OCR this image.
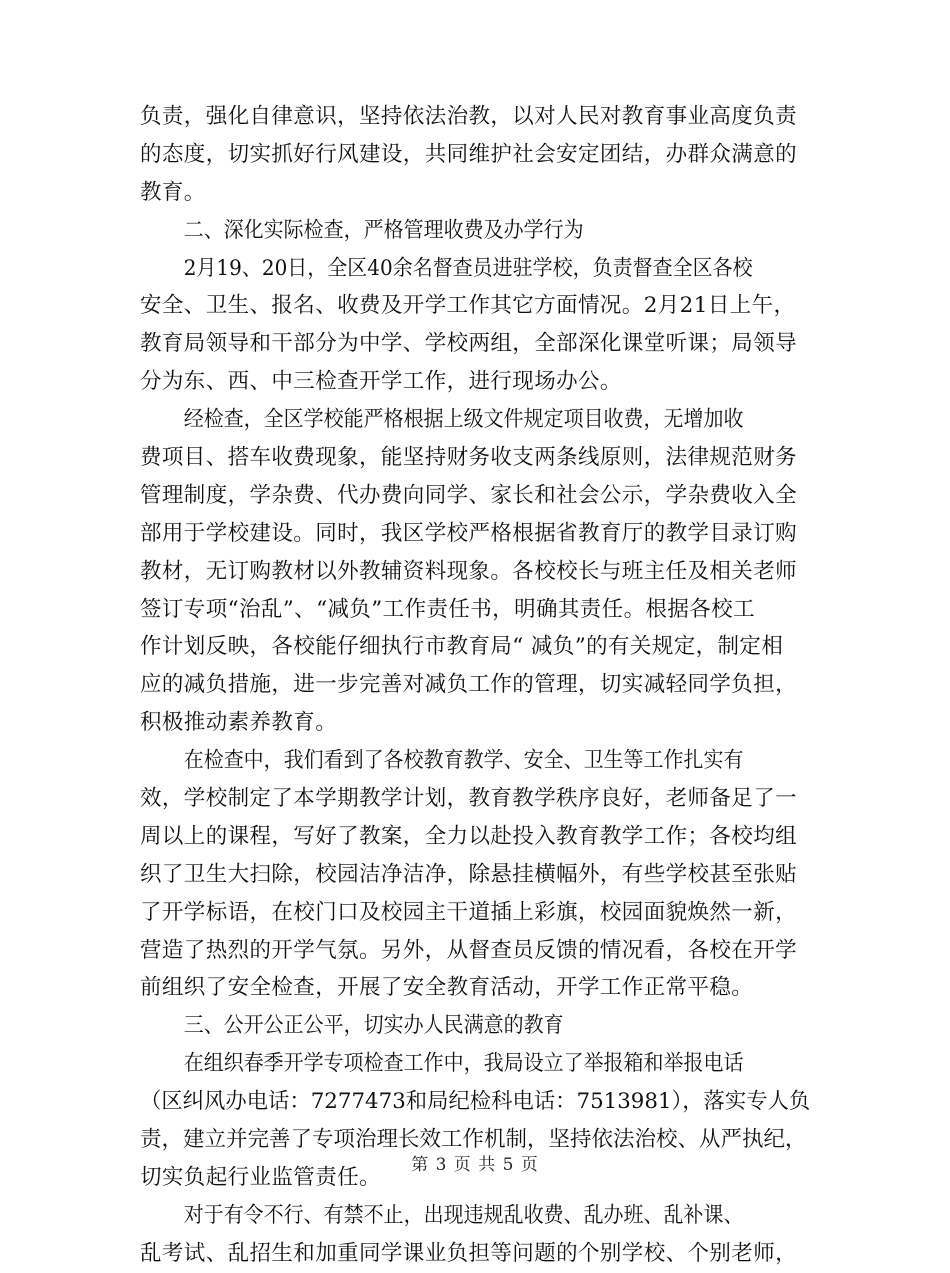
负责，强化自律意识，坚持依法治教，以对人民对教育事业高度负责
的态度，切实抓好行风建设，共同维护社会安定团结，办群众满意的
教育。
二、深化实际检查，严格管理收费及办学行为
2月19、20日，全区40余名督查员进驻学校，负责督查全区各校
安全、卫生、报名、收费及开学工作其它方面情况。2月21日上午，
教育局领导和干部分为中学、学校两组，全部深化课堂听课；局领导
分为东、西、中三检查开学工作，进行现场办公。
经检查，全区学校能严格根据上级文件规定项目收费，无增加收
费项目、搭车收费现象，能坚持财务收支两条线原则，法律规范财务
管理制度，学杂费、代办费向同学、家长和社会公示，学杂费收入全
部用于学校建设。同时，我区学校严格根据省教育厅的教学目录订购
教材，无订购教材以外教辅资料现象。各校校长与班主任及相关老师
签订专项“治乱”、“减负”工作责任书，明确其责任。根据各校工
作计划反映，各校能仔细执行市教育局“ 减负”的有关规定，制定相
应的减负措施，进一步完善对减负工作的管理，切实减轻同学负担，
积极推动素养教育。
在检查中，我们看到了各校教育教学、安全、卫生等工作扎实有
效，学校制定了本学期教学计划，教育教学秩序良好，老师备足了一
周以上的课程，写好了教案，全力以赴投入教育教学工作；各校均组
织了卫生大扫除，校园洁净洁净，除悬挂横幅外，有些学校甚至张贴
了开学标语，在校门口及校园主干道插上彩旗，校园面貌焕然一新，
营造了热烈的开学气氛。另外，从督查员反馈的情况看，各校在开学
前组织了安全检查，开展了安全教育活动，开学工作正常平稳。
三、公开公正公平，切实办人民满意的教育
在组织春季开学专项检查工作中，我局设立了举报箱和举报电话
（区纠风办电话：7277473和局纪检科电话：7513981），落实专人负
责，建立并完善了专项治理长效工作机制，坚持依法治校、从严执纪，
切实负起行业监管责任。
对于有令不行、有禁不止，出现违规乱收费、乱办班、乱补课、
乱考试、乱招生和加重同学课业负担等问题的个别学校、个别老师，
第 3 页 共 5 页
